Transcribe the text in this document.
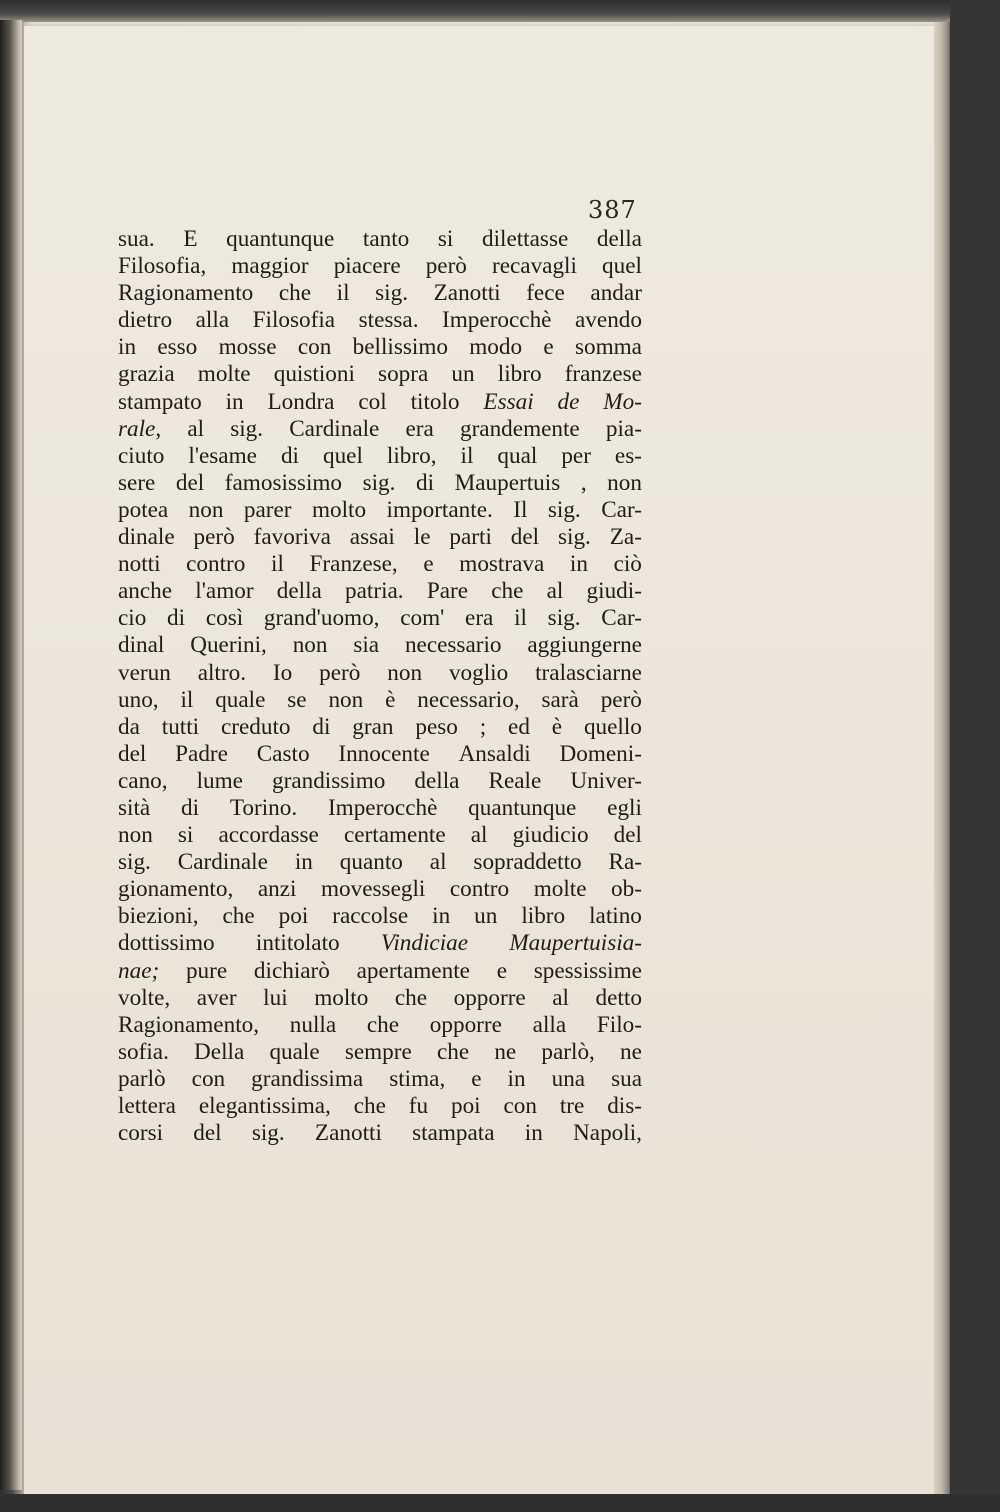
387
sua. E quantunque tanto si dilettasse della
Filosofia, maggior piacere però recavagli quel
Ragionamento che il sig. Zanotti fece andar
dietro alla Filosofia stessa. Imperocchè avendo
in esso mosse con bellissimo modo e somma
grazia molte quistioni sopra un libro franzese
stampato in Londra col titolo Essai de Mo-
rale, al sig. Cardinale era grandemente pia-
ciuto l'esame di quel libro, il qual per es-
sere del famosissimo sig. di Maupertuis , non
potea non parer molto importante. Il sig. Car-
dinale però favoriva assai le parti del sig. Za-
notti contro il Franzese, e mostrava in ciò
anche l'amor della patria. Pare che al giudi-
cio di così grand'uomo, com' era il sig. Car-
dinal Querini, non sia necessario aggiungerne
verun altro. Io però non voglio tralasciarne
uno, il quale se non è necessario, sarà però
da tutti creduto di gran peso ; ed è quello
del Padre Casto Innocente Ansaldi Domeni-
cano, lume grandissimo della Reale Univer-
sità di Torino. Imperocchè quantunque egli
non si accordasse certamente al giudicio del
sig. Cardinale in quanto al sopraddetto Ra-
gionamento, anzi movessegli contro molte ob-
biezioni, che poi raccolse in un libro latino
dottissimo intitolato Vindiciae Maupertuisia-
nae; pure dichiarò apertamente e spessissime
volte, aver lui molto che opporre al detto
Ragionamento, nulla che opporre alla Filo-
sofia. Della quale sempre che ne parlò, ne
parlò con grandissima stima, e in una sua
lettera elegantissima, che fu poi con tre dis-
corsi del sig. Zanotti stampata in Napoli,
